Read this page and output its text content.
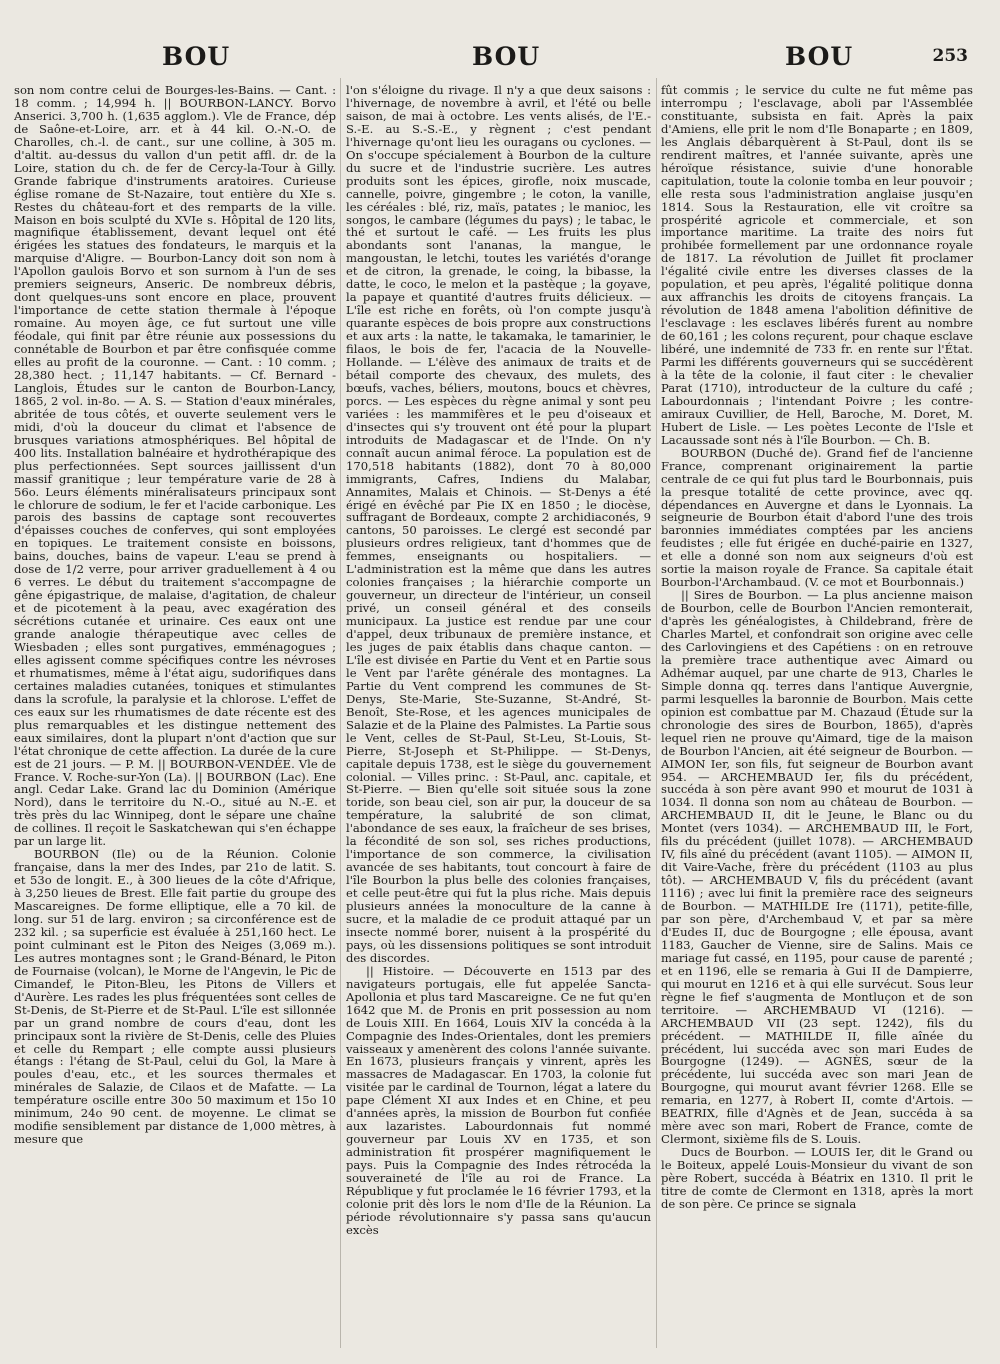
BOU	BOU	BOU	253

son nom contre celui de Bourges-les-Bains. — Cant. : 18 comm. ; 14,994 h. || BOURBON-LANCY. Borvo Anserici. 3,700 h. (1,635 agglom.). Vle de France, dép de Saône-et-Loire, arr. et à 44 kil. O.-N.-O. de Charolles, ch.-l. de cant., sur une colline, à 305 m. d'altit. au-dessus du vallon d'un petit affl. dr. de la Loire, station du ch. de fer de Cercy-la-Tour à Gilly. Grande fabrique d'instruments aratoires. Curieuse église romane de St-Nazaire, tout entière du XIe s. Restes du château-fort et des remparts de la ville. Maison en bois sculpté du XVIe s. Hôpital de 120 lits, magnifique établissement, devant lequel ont été érigées les statues des fondateurs, le marquis et la marquise d'Aligre. — Bourbon-Lancy doit son nom à l'Apollon gaulois Borvo et son surnom à l'un de ses premiers seigneurs, Anseric. De nombreux débris, dont quelques-uns sont encore en place, prouvent l'importance de cette station thermale à l'époque romaine. Au moyen âge, ce fut surtout une ville féodale, qui finit par être réunie aux possessions du connétable de Bourbon et par être confisquée comme elles au profit de la couronne. — Cant. : 10 comm. ; 28,380 hect. ; 11,147 habitants. — Cf. Bernard - Langlois, Études sur le canton de Bourbon-Lancy, 1865, 2 vol. in-8o. — A. S. — Station d'eaux minérales, abritée de tous côtés, et ouverte seulement vers le midi, d'où la douceur du climat et l'absence de brusques variations atmosphériques. Bel hôpital de 400 lits. Installation balnéaire et hydrothérapique des plus perfectionnées. Sept sources jaillissent d'un massif granitique ; leur température varie de 28 à 56o. Leurs éléments minéralisateurs principaux sont le chlorure de sodium, le fer et l'acide carbonique. Les parois des bassins de captage sont recouvertes d'épaisses couches de conferves, qui sont employées en topiques. Le traitement consiste en boissons, bains, douches, bains de vapeur. L'eau se prend à dose de 1/2 verre, pour arriver graduellement à 4 ou 6 verres. Le début du traitement s'accompagne de gêne épigastrique, de malaise, d'agitation, de chaleur et de picotement à la peau, avec exagération des sécrétions cutanée et urinaire. Ces eaux ont une grande analogie thérapeutique avec celles de Wiesbaden ; elles sont purgatives, emménagogues ; elles agissent comme spécifiques contre les névroses et rhumatismes, même à l'état aigu, sudorifiques dans certaines maladies cutanées, toniques et stimulantes dans la scrofule, la paralysie et la chlorose. L'effet de ces eaux sur les rhumatismes de date récente est des plus remarquables et les distingue nettement des eaux similaires, dont la plupart n'ont d'action que sur l'état chronique de cette affection. La durée de la cure est de 21 jours. — P. M. || BOURBON-VENDÉE. Vle de France. V. Roche-sur-Yon (La). || BOURBON (Lac). Ene angl. Cedar Lake. Grand lac du Dominion (Amérique Nord), dans le territoire du N.-O., situé au N.-E. et très près du lac Winnipeg, dont le sépare une chaîne de collines. Il reçoit le Saskatchewan qui s'en échappe par un large lit.

BOURBON (Ile) ou de la Réunion. Colonie française, dans la mer des Indes, par 21o de latit. S. et 53o de longit. E., à 300 lieues de la côte d'Afrique, à 3,250 lieues de Brest. Elle fait partie du groupe des Mascareignes. De forme elliptique, elle a 70 kil. de long. sur 51 de larg. environ ; sa circonférence est de 232 kil. ; sa superficie est évaluée à 251,160 hect. Le point culminant est le Piton des Neiges (3,069 m.). Les autres montagnes sont ; le Grand-Bénard, le Piton de Fournaise (volcan), le Morne de l'Angevin, le Pic de Cimandef, le Piton-Bleu, les Pitons de Villers et d'Aurère. Les rades les plus fréquentées sont celles de St-Denis, de St-Pierre et de St-Paul. L'île est sillonnée par un grand nombre de cours d'eau, dont les principaux sont la rivière de St-Denis, celle des Pluies et celle du Rempart ; elle compte aussi plusieurs étangs : l'étang de St-Paul, celui du Gol, la Mare à poules d'eau, etc., et les sources thermales et minérales de Salazie, de Cilaos et de Mafatte. — La température oscille entre 30o 50 maximum et 15o 10 minimum, 24o 90 cent. de moyenne. Le climat se modifie sensiblement par distance de 1,000 mètres, à mesure que

l'on s'éloigne du rivage. Il n'y a que deux saisons : l'hivernage, de novembre à avril, et l'été ou belle saison, de mai à octobre. Les vents alisés, de l'E.-S.-E. au S.-S.-E., y règnent ; c'est pendant l'hivernage qu'ont lieu les ouragans ou cyclones. — On s'occupe spécialement à Bourbon de la culture du sucre et de l'industrie sucrière. Les autres produits sont les épices, girofle, noix muscade, cannelle, poivre, gingembre ; le coton, la vanille, les céréales : blé, riz, maïs, patates ; le manioc, les songos, le cambare (légumes du pays) ; le tabac, le thé et surtout le café. — Les fruits les plus abondants sont l'ananas, la mangue, le mangoustan, le letchi, toutes les variétés d'orange et de citron, la grenade, le coing, la bibasse, la datte, le coco, le melon et la pastèque ; la goyave, la papaye et quantité d'autres fruits délicieux. — L'île est riche en forêts, où l'on compte jusqu'à quarante espèces de bois propre aux constructions et aux arts : la natte, le takamaka, le tamarinier, le filaos, le bois de fer, l'acacia de la Nouvelle-Hollande. — L'élève des animaux de traits et de bétail comporte des chevaux, des mulets, des bœufs, vaches, béliers, moutons, boucs et chèvres, porcs. — Les espèces du règne animal y sont peu variées : les mammifères et le peu d'oiseaux et d'insectes qui s'y trouvent ont été pour la plupart introduits de Madagascar et de l'Inde. On n'y connaît aucun animal féroce. La population est de 170,518 habitants (1882), dont 70 à 80,000 immigrants, Cafres, Indiens du Malabar, Annamites, Malais et Chinois. — St-Denys a été érigé en évêché par Pie IX en 1850 ; le diocèse, suffragant de Bordeaux, compte 2 archidiaconés, 9 cantons, 50 paroisses. Le clergé est secondé par plusieurs ordres religieux, tant d'hommes que de femmes, enseignants ou hospitaliers. — L'administration est la même que dans les autres colonies françaises ; la hiérarchie comporte un gouverneur, un directeur de l'intérieur, un conseil privé, un conseil général et des conseils municipaux. La justice est rendue par une cour d'appel, deux tribunaux de première instance, et les juges de paix établis dans chaque canton. — L'île est divisée en Partie du Vent et en Partie sous le Vent par l'arête générale des montagnes. La Partie du Vent comprend les communes de St-Denys, Ste-Marie, Ste-Suzanne, St-André, St-Benoît, Ste-Rose, et les agences municipales de Salazie et de la Plaine des Palmistes. La Partie sous le Vent, celles de St-Paul, St-Leu, St-Louis, St-Pierre, St-Joseph et St-Philippe. — St-Denys, capitale depuis 1738, est le siège du gouvernement colonial. — Villes princ. : St-Paul, anc. capitale, et St-Pierre. — Bien qu'elle soit située sous la zone toride, son beau ciel, son air pur, la douceur de sa température, la salubrité de son climat, l'abondance de ses eaux, la fraîcheur de ses brises, la fécondité de son sol, ses riches productions, l'importance de son commerce, la civilisation avancée de ses habitants, tout concourt à faire de l'île Bourbon la plus belle des colonies françaises, et celle peut-être qui fut la plus riche. Mais depuis plusieurs années la monoculture de la canne à sucre, et la maladie de ce produit attaqué par un insecte nommé borer, nuisent à la prospérité du pays, où les dissensions politiques se sont introduit des discordes.

|| Histoire. — Découverte en 1513 par des navigateurs portugais, elle fut appelée Sancta-Apollonia et plus tard Mascareigne. Ce ne fut qu'en 1642 que M. de Pronis en prit possession au nom de Louis XIII. En 1664, Louis XIV la concéda à la Compagnie des Indes-Orientales, dont les premiers vaisseaux y amenèrent des colons l'année suivante. En 1673, plusieurs français y vinrent, après les massacres de Madagascar. En 1703, la colonie fut visitée par le cardinal de Tournon, légat a latere du pape Clément XI aux Indes et en Chine, et peu d'années après, la mission de Bourbon fut confiée aux lazaristes. Labourdonnais fut nommé gouverneur par Louis XV en 1735, et son administration fit prospérer magnifiquement le pays. Puis la Compagnie des Indes rétrocéda la souveraineté de l'île au roi de France. La République y fut proclamée le 16 février 1793, et la colonie prit dès lors le nom d'Ile de la Réunion. La période révolutionnaire s'y passa sans qu'aucun excès

fût commis ; le service du culte ne fut même pas interrompu ; l'esclavage, aboli par l'Assemblée constituante, subsista en fait. Après la paix d'Amiens, elle prit le nom d'Ile Bonaparte ; en 1809, les Anglais débarquèrent à St-Paul, dont ils se rendirent maîtres, et l'année suivante, après une héroïque résistance, suivie d'une honorable capitulation, toute la colonie tomba en leur pouvoir ; elle resta sous l'administration anglaise jusqu'en 1814. Sous la Restauration, elle vit croître sa prospérité agricole et commerciale, et son importance maritime. La traite des noirs fut prohibée formellement par une ordonnance royale de 1817. La révolution de Juillet fit proclamer l'égalité civile entre les diverses classes de la population, et peu après, l'égalité politique donna aux affranchis les droits de citoyens français. La révolution de 1848 amena l'abolition définitive de l'esclavage : les esclaves libérés furent au nombre de 60,161 ; les colons reçurent, pour chaque esclave libéré, une indemnité de 733 fr. en rente sur l'État. Parmi les différents gouverneurs qui se succédèrent à la tête de la colonie, il faut citer : le chevalier Parat (1710), introducteur de la culture du café ; Labourdonnais ; l'intendant Poivre ; les contre-amiraux Cuvillier, de Hell, Baroche, M. Doret, M. Hubert de Lisle. — Les poètes Leconte de l'Isle et Lacaussade sont nés à l'île Bourbon. — Ch. B.

BOURBON (Duché de). Grand fief de l'ancienne France, comprenant originairement la partie centrale de ce qui fut plus tard le Bourbonnais, puis la presque totalité de cette province, avec qq. dépendances en Auvergne et dans le Lyonnais. La seigneurie de Bourbon était d'abord l'une des trois baronnies immédiates comptées par les anciens feudistes ; elle fut érigée en duché-pairie en 1327, et elle a donné son nom aux seigneurs d'où est sortie la maison royale de France. Sa capitale était Bourbon-l'Archambaud. (V. ce mot et Bourbonnais.)

|| Sires de Bourbon. — La plus ancienne maison de Bourbon, celle de Bourbon l'Ancien remonterait, d'après les généalogistes, à Childebrand, frère de Charles Martel, et confondrait son origine avec celle des Carlovingiens et des Capétiens : on en retrouve la première trace authentique avec Aimard ou Adhémar auquel, par une charte de 913, Charles le Simple donna qq. terres dans l'antique Auvergnie, parmi lesquelles la baronnie de Bourbon. Mais cette opinion est combattue par M. Chazaud (Étude sur la chronologie des sires de Bourbon, 1865), d'après lequel rien ne prouve qu'Aimard, tige de la maison de Bourbon l'Ancien, ait été seigneur de Bourbon. — AIMON Ier, son fils, fut seigneur de Bourbon avant 954. — ARCHEMBAUD Ier, fils du précédent, succéda à son père avant 990 et mourut de 1031 à 1034. Il donna son nom au château de Bourbon. — ARCHEMBAUD II, dit le Jeune, le Blanc ou du Montet (vers 1034). — ARCHEMBAUD III, le Fort, fils du précédent (juillet 1078). — ARCHEMBAUD IV, fils aîné du précédent (avant 1105). — AIMON II, dit Vaire-Vache, frère du précédent (1103 au plus tôt). — ARCHEMBAUD V, fils du précédent (avant 1116) ; avec lui finit la première race des seigneurs de Bourbon. — MATHILDE Ire (1171), petite-fille, par son père, d'Archembaud V, et par sa mère d'Eudes II, duc de Bourgogne ; elle épousa, avant 1183, Gaucher de Vienne, sire de Salins. Mais ce mariage fut cassé, en 1195, pour cause de parenté ; et en 1196, elle se remaria à Gui II de Dampierre, qui mourut en 1216 et à qui elle survécut. Sous leur règne le fief s'augmenta de Montluçon et de son territoire. — ARCHEMBAUD VI (1216). — ARCHEMBAUD VII (23 sept. 1242), fils du précédent. — MATHILDE II, fille aînée du précédent, lui succéda avec son mari Eudes de Bourgogne (1249). — AGNÈS, sœur de la précédente, lui succéda avec son mari Jean de Bourgogne, qui mourut avant février 1268. Elle se remaria, en 1277, à Robert II, comte d'Artois. — BEATRIX, fille d'Agnès et de Jean, succéda à sa mère avec son mari, Robert de France, comte de Clermont, sixième fils de S. Louis.

Ducs de Bourbon. — LOUIS Ier, dit le Grand ou le Boiteux, appelé Louis-Monsieur du vivant de son père Robert, succéda à Béatrix en 1310. Il prit le titre de comte de Clermont en 1318, après la mort de son père. Ce prince se signala
